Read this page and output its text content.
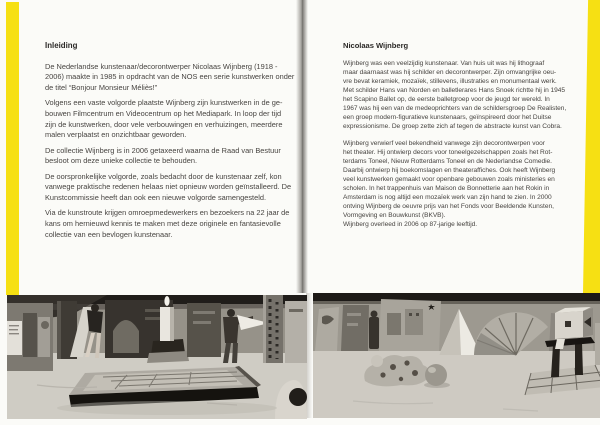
Inleiding
De Nederlandse kunstenaar/decorontwerper Nicolaas Wijnberg (1918 -
2006) maakte in 1985 in opdracht van de NOS een serie kunstwerken onder
de titel “Bonjour Monsieur Méliès!”
Volgens een vaste volgorde plaatste Wijnberg zijn kunstwerken in de ge-
bouwen Filmcentrum en Videocentrum op het Mediapark. In loop der tijd
zijn de kunstwerken, door vele verbouwingen en verhuizingen, meerdere
malen verplaatst en onzichtbaar geworden.
De collectie Wijnberg is in 2006 getaxeerd waarna de Raad van Bestuur
besloot om deze unieke collectie te behouden.
De oorspronkelijke volgorde, zoals bedacht door de kunstenaar zelf, kon
vanwege praktische redenen helaas niet opnieuw worden geïnstalleerd. De
Kunstcommissie heeft dan ook een nieuwe volgorde samengesteld.
Via de kunstroute krijgen omroepmedewerkers en bezoekers na 22 jaar de
kans om hernieuwd kennis te maken met deze originele en fantasievolle
collectie van een bevlogen kunstenaar.
Nicolaas Wijnberg
Wijnberg was een veelzijdig kunstenaar. Van huis uit was hij lithograaf
maar daarnaast was hij schilder en decorontwerper. Zijn omvangrijke oeu-
vre bevat keramiek, mozaïek, stillevens, illustraties en monumentaal werk.
Met schilder Hans van Norden en balletlerares Hans Snoek richtte hij in 1945
het Scapino Ballet op, de eerste balletgroep voor de jeugd ter wereld. In
1967 was hij een van de medeoprichters van de schildersgroep De Realisten,
een groep modern-figuratieve kunstenaars, geïnspireerd door het Duitse
expressionisme. De groep zette zich af tegen de abstracte kunst van Cobra.
Wijnberg verwierf veel bekendheid vanwege zijn decorontwerpen voor
het theater. Hij ontwierp decors voor toneelgezelschappen zoals het Rot-
terdams Toneel, Nieuw Rotterdams Toneel en de Nederlandse Comedie.
Daarbij ontwierp hij boekomslagen en theateraffiches. Ook heeft Wijnberg
veel kunstwerken gemaakt voor openbare gebouwen zoals ministeries en
scholen. In het trappenhuis van Maison de Bonnetterie aan het Rokin in
Amsterdam is nog altijd een mozaïek werk van zijn hand te zien. In 2000
ontving Wijnberg de oeuvre prijs van het Fonds voor Beeldende Kunsten,
Vormgeving en Bouwkunst (BKVB).
Wijnberg overleed in 2006 op 87-jarige leeftijd.
